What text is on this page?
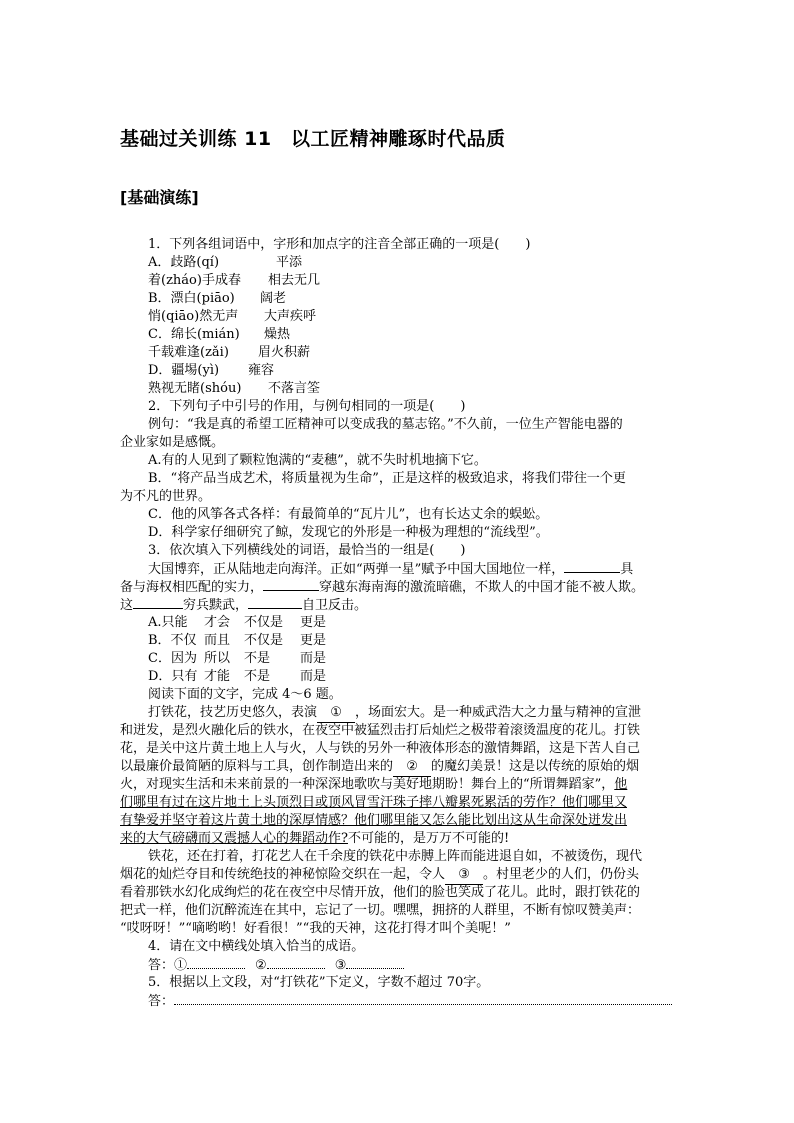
基础过关训练 11　以工匠精神雕琢时代品质
[基础演练]
1．下列各组词语中，字形和加点字的注音全部正确的一项是(　　)
A．歧路(qí)	平添
着(zháo)手成春 相去无几
B．漂白(piāo) 阔老
悄(qiāo)然无声 大声疾呼
C．绵长(mián) 燥热
千载难逢(zǎi) 眉火积薪
D．疆埸(yì) 雍容
熟视无睹(shóu) 不落言筌
2．下列句子中引号的作用，与例句相同的一项是(　　)
例句：“我是真的希望工匠精神可以变成我的墓志铭。”不久前，一位生产智能电器的
企业家如是感慨。
A.有的人见到了颗粒饱满的“麦穗”，就不失时机地摘下它。
B．“将产品当成艺术，将质量视为生命”，正是这样的极致追求，将我们带往一个更
为不凡的世界。
C．他的风筝各式各样：有最简单的“瓦片儿”，也有长达丈余的蜈蚣。
D．科学家仔细研究了鲸，发现它的外形是一种极为理想的“流线型”。
3．依次填入下列横线处的词语，最恰当的一组是(　　)
大国博弈，正从陆地走向海洋。正如“两弹一星”赋予中国大国地位一样，	具
备与海权相匹配的实力，	穿越东海南海的激流暗礁，不欺人的中国才能不被人欺。
这	穷兵黩武，	自卫反击。
A.只能 才会 不仅是 更是
B．不仅 而且 不仅是 更是
C．因为 所以 不是 而是
D．只有 才能 不是 而是
阅读下面的文字，完成 4～6 题。
打铁花，技艺历史悠久，表演 ① ，场面宏大。是一种威武浩大之力量与精神的宣泄
和迸发，是烈火融化后的铁水，在夜空中被猛烈击打后灿烂之极带着滚烫温度的花儿。打铁
花，是关中这片黄土地上人与火，人与铁的另外一种液体形态的激情舞蹈，这是下苦人自己
以最廉价最简陋的原料与工具，创作制造出来的 ② 的魔幻美景！这是以传统的原始的烟
火，对现实生活和未来前景的一种深深地歌吹与美好地期盼！舞台上的“所谓舞蹈家”，他
们哪里有过在这片地土上头顶烈日或顶风冒雪汗珠子摔八瓣累死累活的劳作？他们哪里又
有挚爱并坚守着这片黄土地的深厚情感？他们哪里能又怎么能比划出这从生命深处迸发出
来的大气磅礴而又震撼人心的舞蹈动作?不可能的，是万万不可能的!
铁花，还在打着，打花艺人在千余度的铁花中赤膊上阵而能进退自如，不被烫伤，现代
烟花的灿烂夺目和传统绝技的神秘惊险交织在一起，令人 ③ 。村里老少的人们，仍份头
看着那铁水幻化成绚烂的花在夜空中尽情开放，他们的脸也笑成了花儿。此时，跟打铁花的
把式一样，他们沉醉流连在其中，忘记了一切。嘿嘿，拥挤的人群里，不断有惊叹赞美声：
“哎呀呀！”“嘀哟哟！好看很！”“我的天神，这花打得才叫个美呢！”
4．请在文中横线处填入恰当的成语。
答：①	②	③
5．根据以上文段，对“打铁花”下定义，字数不超过 70字。
答：
